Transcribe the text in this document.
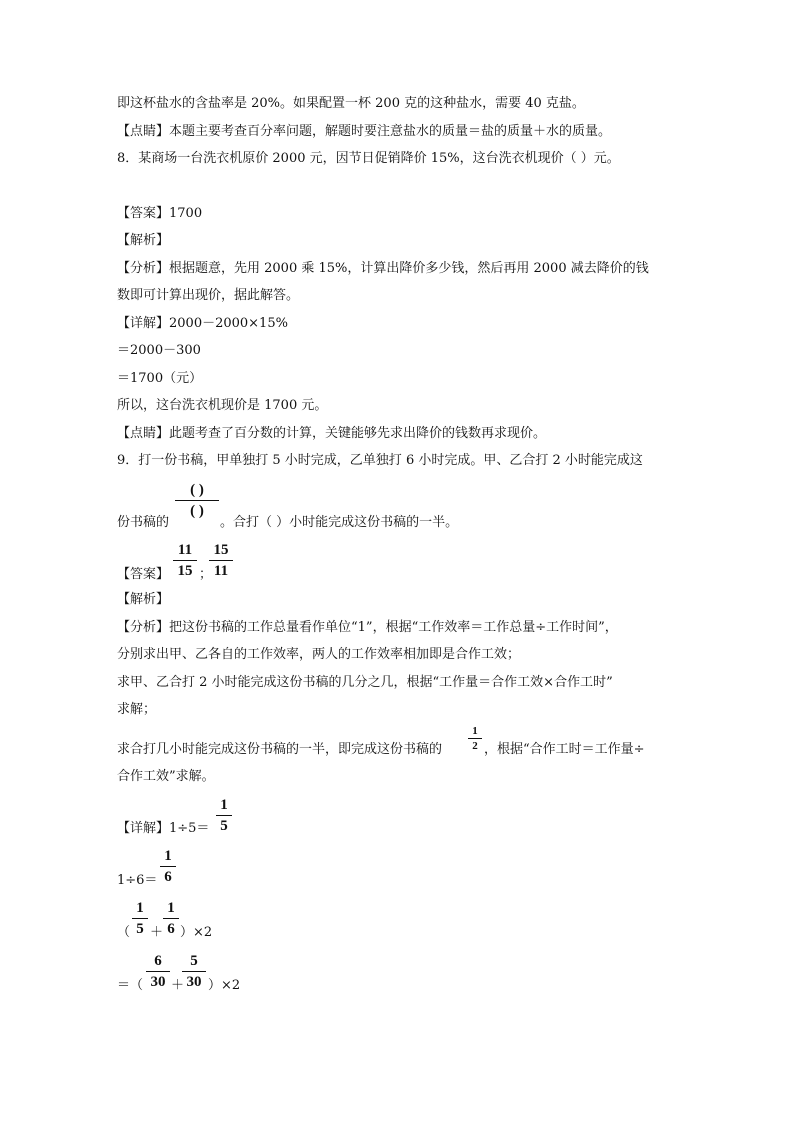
即这杯盐水的含盐率是 20%。如果配置一杯 200 克的这种盐水，需要 40 克盐。
【点睛】本题主要考查百分率问题，解题时要注意盐水的质量＝盐的质量＋水的质量。
8．某商场一台洗衣机原价 2000 元，因节日促销降价 15%，这台洗衣机现价（ ）元。
【答案】1700
【解析】
【分析】根据题意，先用 2000 乘 15%，计算出降价多少钱，然后再用 2000 减去降价的钱
数即可计算出现价，据此解答。
【详解】2000－2000×15%
＝2000－300
＝1700（元）
所以，这台洗衣机现价是 1700 元。
【点睛】此题考查了百分数的计算，关键能够先求出降价的钱数再求现价。
9．打一份书稿，甲单独打 5 小时完成，乙单独打 6 小时完成。甲、乙合打 2 小时能完成这
份书稿的
( )
( )
。合打（ ）小时能完成这份书稿的一半。
【答案】
11
15 ；
15
11
【解析】
【分析】把这份书稿的工作总量看作单位“1”，根据“工作效率＝工作总量÷工作时间”，
分别求出甲、乙各自的工作效率，两人的工作效率相加即是合作工效；
求甲、乙合打 2 小时能完成这份书稿的几分之几，根据“工作量＝合作工效×合作工时”
求解；
求合打几小时能完成这份书稿的一半，即完成这份书稿的
1
2 ，根据“合作工时＝工作量÷
合作工效”求解。
【详解】1÷5＝
1
5
1÷6＝
1
6
（
1
5 ＋
1
6 ）×2
＝（
6
30 ＋
5
30 ）×2
